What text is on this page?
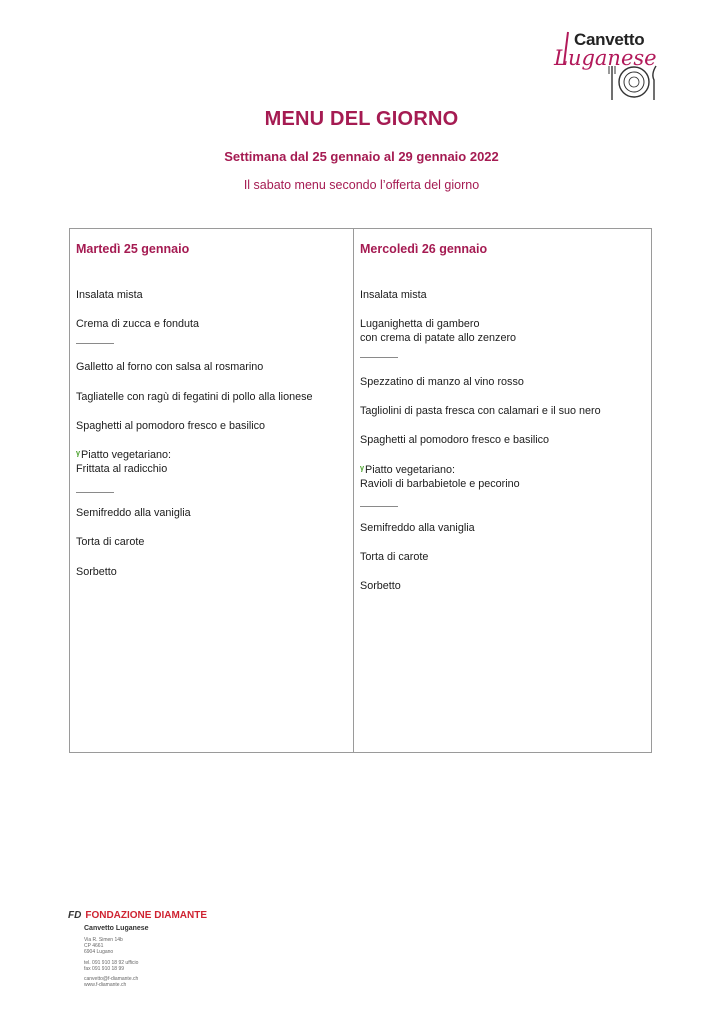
Canvetto
Luganese
MENU DEL GIORNO
Settimana dal 25 gennaio al 29 gennaio 2022
Il sabato menu secondo l’offerta del giorno
Martedì 25 gennaio
Insalata mista
Crema di zucca e fonduta
Galletto al forno con salsa al rosmarino
Tagliatelle con ragù di fegatini di pollo alla lionese
Spaghetti al pomodoro fresco e basilico
ᵞPiatto vegetariano:
Frittata al radicchio
Semifreddo alla vaniglia
Torta di carote
Sorbetto
Mercoledì 26 gennaio
Insalata mista
Luganighetta di gambero
con crema di patate allo zenzero
Spezzatino di manzo al vino rosso
Tagliolini di pasta fresca con calamari e il suo nero
Spaghetti al pomodoro fresco e basilico
ᵞPiatto vegetariano:
Ravioli di barbabietole e pecorino
Semifreddo alla vaniglia
Torta di carote
Sorbetto
FD FONDAZIONE DIAMANTE
Canvetto Luganese
Via R. Simen 14b
CP 4661
6904 Lugano
tel. 091 910 18 92 ufficio
fax 091 910 18 99
canvetto@f-diamante.ch
www.f-diamante.ch
